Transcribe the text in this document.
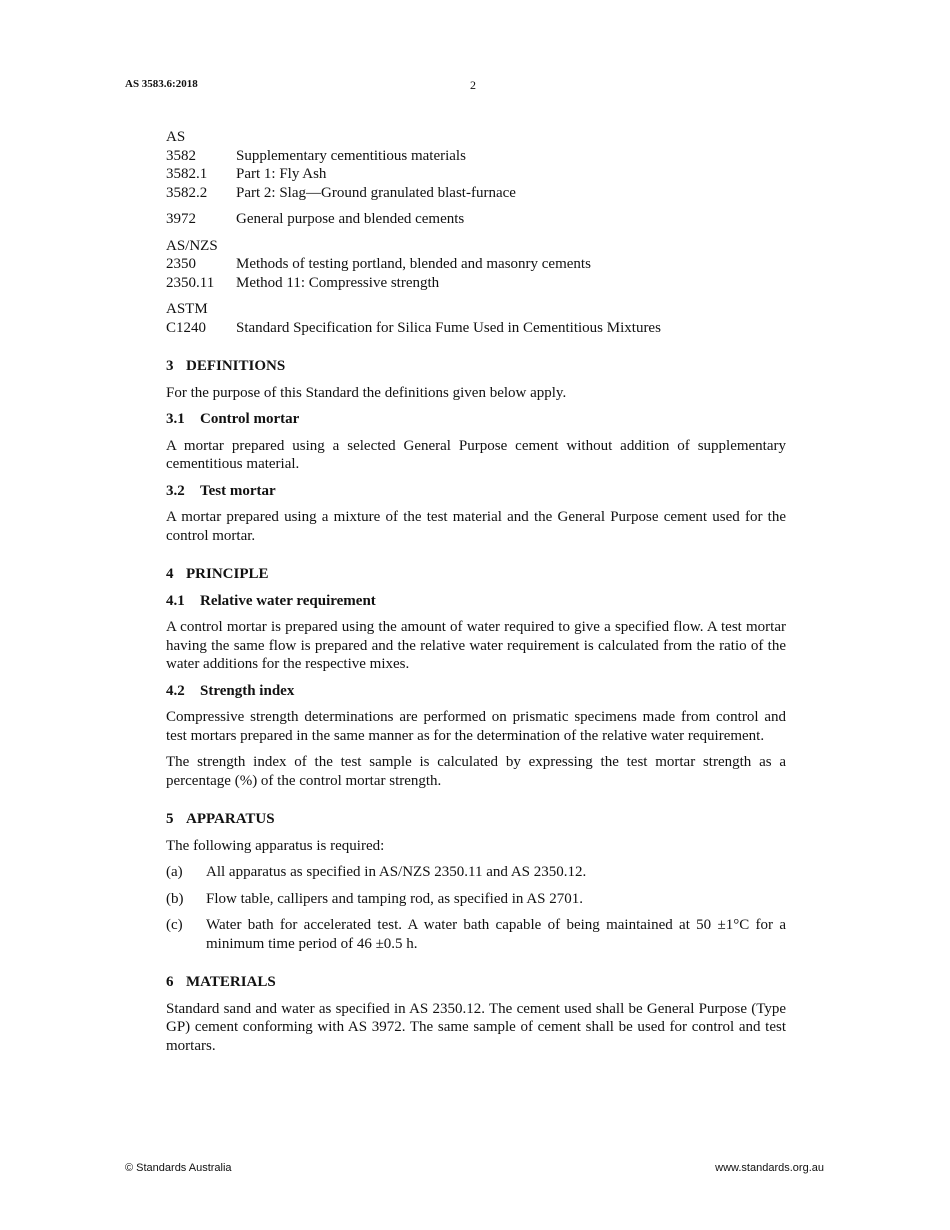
AS 3583.6:2018	2
AS
3582	Supplementary cementitious materials
3582.1	Part 1: Fly Ash
3582.2	Part 2: Slag—Ground granulated blast-furnace
3972	General purpose and blended cements
AS/NZS
2350	Methods of testing portland, blended and masonry cements
2350.11	Method 11: Compressive strength
ASTM
C1240	Standard Specification for Silica Fume Used in Cementitious Mixtures
3 DEFINITIONS

For the purpose of this Standard the definitions given below apply.

3.1 Control mortar

A mortar prepared using a selected General Purpose cement without addition of supplementary cementitious material.

3.2 Test mortar

A mortar prepared using a mixture of the test material and the General Purpose cement used for the control mortar.

4 PRINCIPLE
4.1 Relative water requirement

A control mortar is prepared using the amount of water required to give a specified flow. A test mortar having the same flow is prepared and the relative water requirement is calculated from the ratio of the water additions for the respective mixes.

4.2 Strength index

Compressive strength determinations are performed on prismatic specimens made from control and test mortars prepared in the same manner as for the determination of the relative water requirement.

The strength index of the test sample is calculated by expressing the test mortar strength as a percentage (%) of the control mortar strength.

5 APPARATUS

The following apparatus is required:

(a)	All apparatus as specified in AS/NZS 2350.11 and AS 2350.12.
(b)	Flow table, callipers and tamping rod, as specified in AS 2701.
(c)	Water bath for accelerated test. A water bath capable of being maintained at 50 ±1°C for a minimum time period of 46 ±0.5 h.
6 MATERIALS

Standard sand and water as specified in AS 2350.12. The cement used shall be General Purpose (Type GP) cement conforming with AS 3972. The same sample of cement shall be used for control and test mortars.

© Standards Australia	www.standards.org.au
